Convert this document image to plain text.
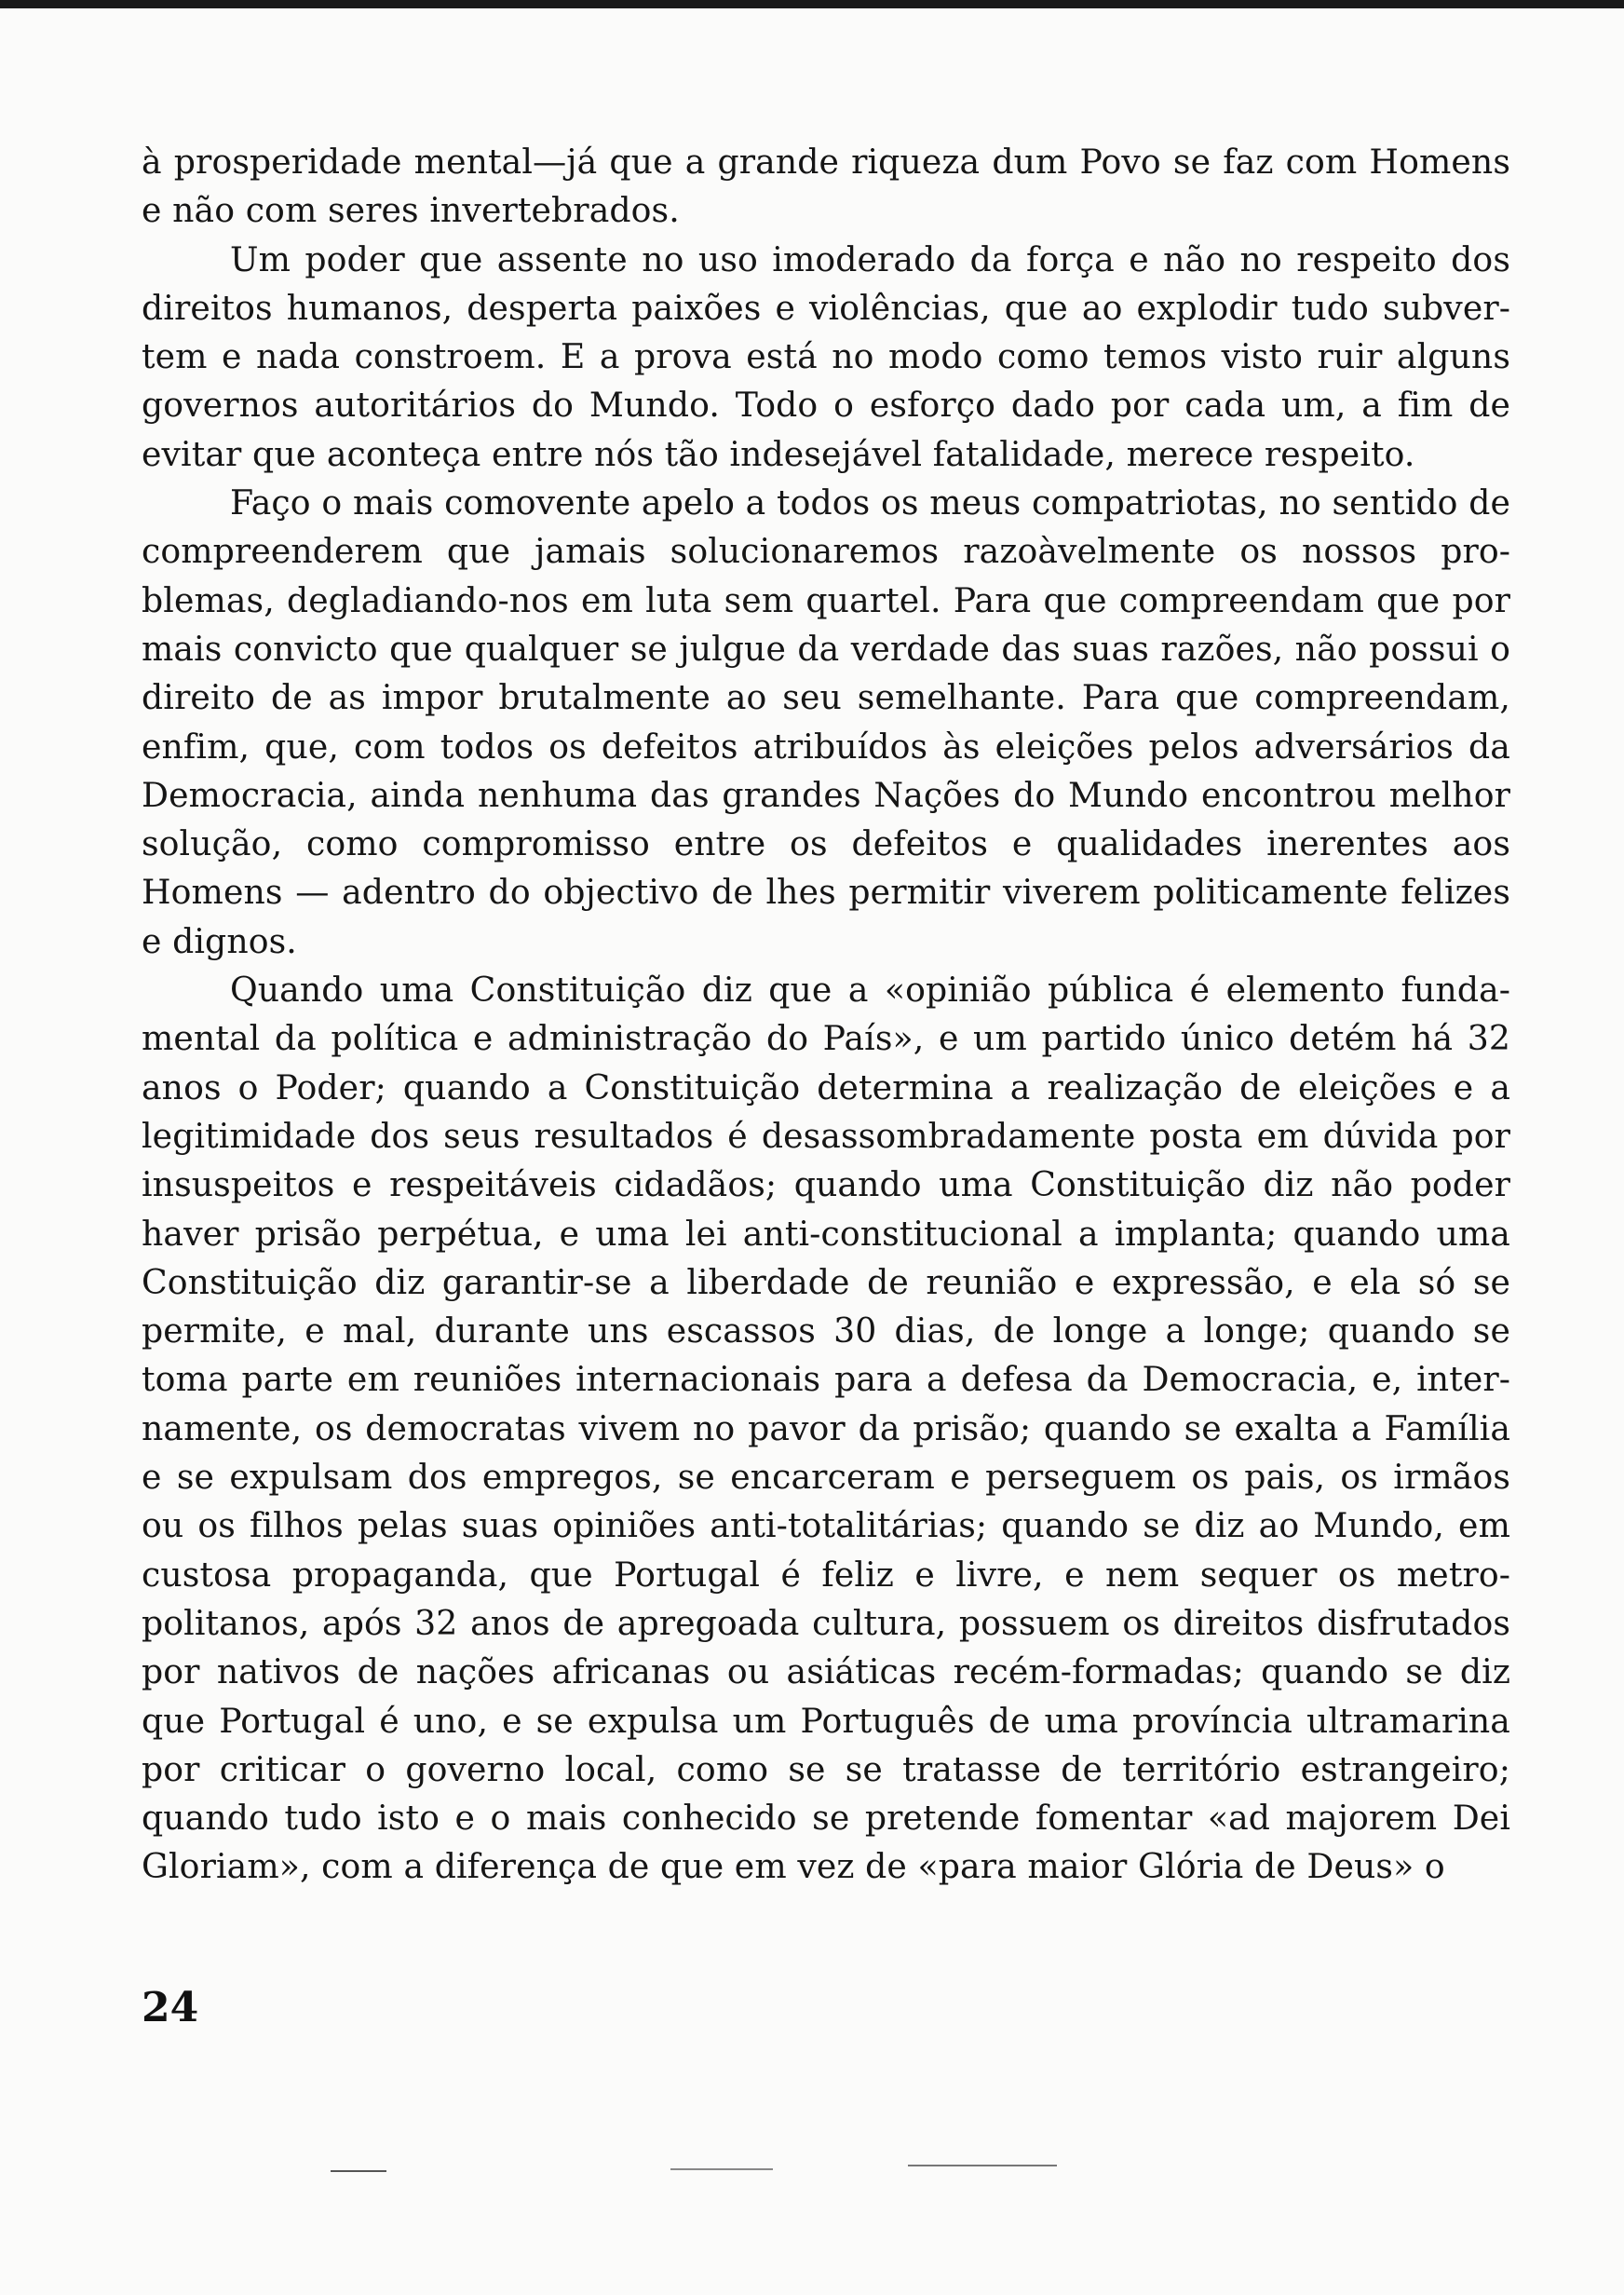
à prosperidade mental—já que a grande riqueza dum Povo se faz com Homens e não com seres invertebrados.

Um poder que assente no uso imoderado da força e não no respeito dos direitos humanos, desperta paixões e violências, que ao explodir tudo subvertem e nada constroem. E a prova está no modo como temos visto ruir alguns governos autoritários do Mundo. Todo o esforço dado por cada um, a fim de evitar que aconteça entre nós tão indesejável fatalidade, merece respeito.

Faço o mais comovente apelo a todos os meus compatriotas, no sentido de compreenderem que jamais solucionaremos razoàvelmente os nossos problemas, degladiando-nos em luta sem quartel. Para que compreendam que por mais convicto que qualquer se julgue da verdade das suas razões, não possui o direito de as impor brutalmente ao seu semelhante. Para que compreendam, enfim, que, com todos os defeitos atribuídos às eleições pelos adversários da Democracia, ainda nenhuma das grandes Nações do Mundo encontrou melhor solução, como compromisso entre os defeitos e qualidades inerentes aos Homens — adentro do objectivo de lhes permitir viverem politicamente felizes e dignos.

Quando uma Constituição diz que a «opinião pública é elemento fundamental da política e administração do País», e um partido único detém há 32 anos o Poder; quando a Constituição determina a realização de eleições e a legitimidade dos seus resultados é desassombradamente posta em dúvida por insuspeitos e respeitáveis cidadãos; quando uma Constituição diz não poder haver prisão perpétua, e uma lei anti-constitucional a implanta; quando uma Constituição diz garantir-se a liberdade de reunião e expressão, e ela só se permite, e mal, durante uns escassos 30 dias, de longe a longe; quando se toma parte em reuniões internacionais para a defesa da Democracia, e, internamente, os democratas vivem no pavor da prisão; quando se exalta a Família e se expulsam dos empregos, se encarceram e perseguem os pais, os irmãos ou os filhos pelas suas opiniões anti-totalitárias; quando se diz ao Mundo, em custosa propaganda, que Portugal é feliz e livre, e nem sequer os metropolitanos, após 32 anos de apregoada cultura, possuem os direitos disfrutados por nativos de nações africanas ou asiáticas recém-formadas; quando se diz que Portugal é uno, e se expulsa um Português de uma província ultramarina por criticar o governo local, como se se tratasse de território estrangeiro; quando tudo isto e o mais conhecido se pretende fomentar «ad majorem Dei Gloriam», com a diferença de que em vez de «para maior Glória de Deus» o

24
